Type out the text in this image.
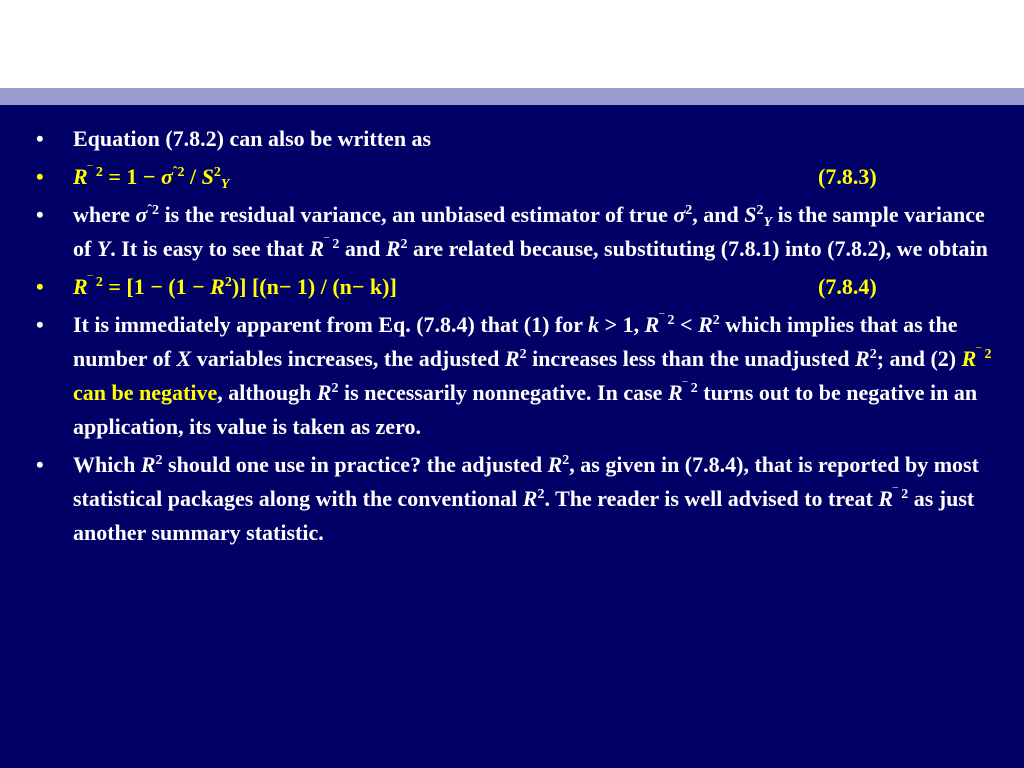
•	Equation (7.8.2) can also be written as
•	$R^{‾ 2} = 1 - \sigma^{ˆ2} / S^2_Y$	(7.8.3)
•	where $\sigma^{ˆ2}$ is the residual variance, an unbiased estimator of true $\sigma^2$, and $S^2_Y$ is the sample variance of Y. It is easy to see that $R^{‾ 2}$ and $R^2$ are related because, substituting (7.8.1) into (7.8.2), we obtain
•	$R^{‾ 2} = [1 - (1 - R^2)]$ [(n− 1) / (n− k)]	(7.8.4)
•	It is immediately apparent from Eq. (7.8.4) that (1) for k > 1, $R^{‾ 2} < R^2$ which implies that as the number of X variables increases, the adjusted $R^2$ increases less than the unadjusted $R^2$; and (2) $R^{‾ 2}$ can be negative, although $R^2$ is necessarily nonnegative. In case $R^{‾ 2}$ turns out to be negative in an application, its value is taken as zero.
•	Which $R^2$ should one use in practice? the adjusted $R^2$, as given in (7.8.4), that is reported by most statistical packages along with the conventional $R^2$. The reader is well advised to treat $R^{‾ 2}$ as just another summary statistic.
